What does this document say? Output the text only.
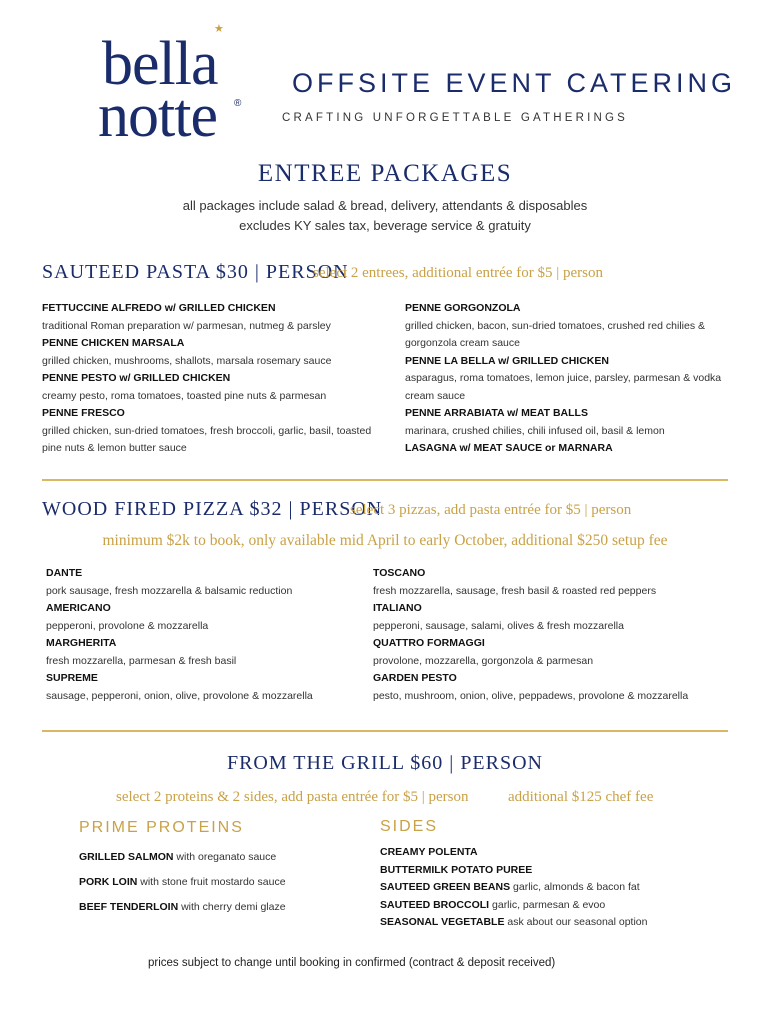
★
bella
notte ®
OFFSITE EVENT CATERING
CRAFTING UNFORGETTABLE GATHERINGS
ENTREE PACKAGES
all packages include salad & bread, delivery, attendants & disposables
excludes KY sales tax, beverage service & gratuity
SAUTEED PASTA $30 | PERSON
select 2 entrees, additional entrée for $5 | person
FETTUCCINE ALFREDO w/ GRILLED CHICKEN
traditional Roman preparation w/ parmesan, nutmeg & parsley
PENNE CHICKEN MARSALA
grilled chicken, mushrooms, shallots, marsala rosemary sauce
PENNE PESTO w/ GRILLED CHICKEN
creamy pesto, roma tomatoes, toasted pine nuts & parmesan
PENNE FRESCO
grilled chicken, sun-dried tomatoes, fresh broccoli, garlic, basil, toasted pine nuts & lemon butter sauce
PENNE GORGONZOLA
grilled chicken, bacon, sun-dried tomatoes, crushed red chilies & gorgonzola cream sauce
PENNE LA BELLA w/ GRILLED CHICKEN
asparagus, roma tomatoes, lemon juice, parsley, parmesan & vodka cream sauce
PENNE ARRABIATA w/ MEAT BALLS
marinara, crushed chilies, chili infused oil, basil & lemon
LASAGNA w/ MEAT SAUCE or MARNARA
WOOD FIRED PIZZA $32 | PERSON
select 3 pizzas, add pasta entrée for $5 | person
minimum $2k to book, only available mid April to early October, additional $250 setup fee
DANTE
pork sausage, fresh mozzarella & balsamic reduction
AMERICANO
pepperoni, provolone & mozzarella
MARGHERITA
fresh mozzarella, parmesan & fresh basil
SUPREME
sausage, pepperoni, onion, olive, provolone & mozzarella
TOSCANO
fresh mozzarella, sausage, fresh basil & roasted red peppers
ITALIANO
pepperoni, sausage, salami, olives & fresh mozzarella
QUATTRO FORMAGGI
provolone, mozzarella, gorgonzola & parmesan
GARDEN PESTO
pesto, mushroom, onion, olive, peppadews, provolone & mozzarella
FROM THE GRILL $60 | PERSON
select 2 proteins & 2 sides, add pasta entrée for $5 | person	additional $125 chef fee
PRIME PROTEINS
GRILLED SALMON with oreganato sauce
PORK LOIN with stone fruit mostardo sauce
BEEF TENDERLOIN with cherry demi glaze
SIDES
CREAMY POLENTA
BUTTERMILK POTATO PUREE
SAUTEED GREEN BEANS garlic, almonds & bacon fat
SAUTEED BROCCOLI garlic, parmesan & evoo
SEASONAL VEGETABLE ask about our seasonal option
prices subject to change until booking in confirmed (contract & deposit received)
